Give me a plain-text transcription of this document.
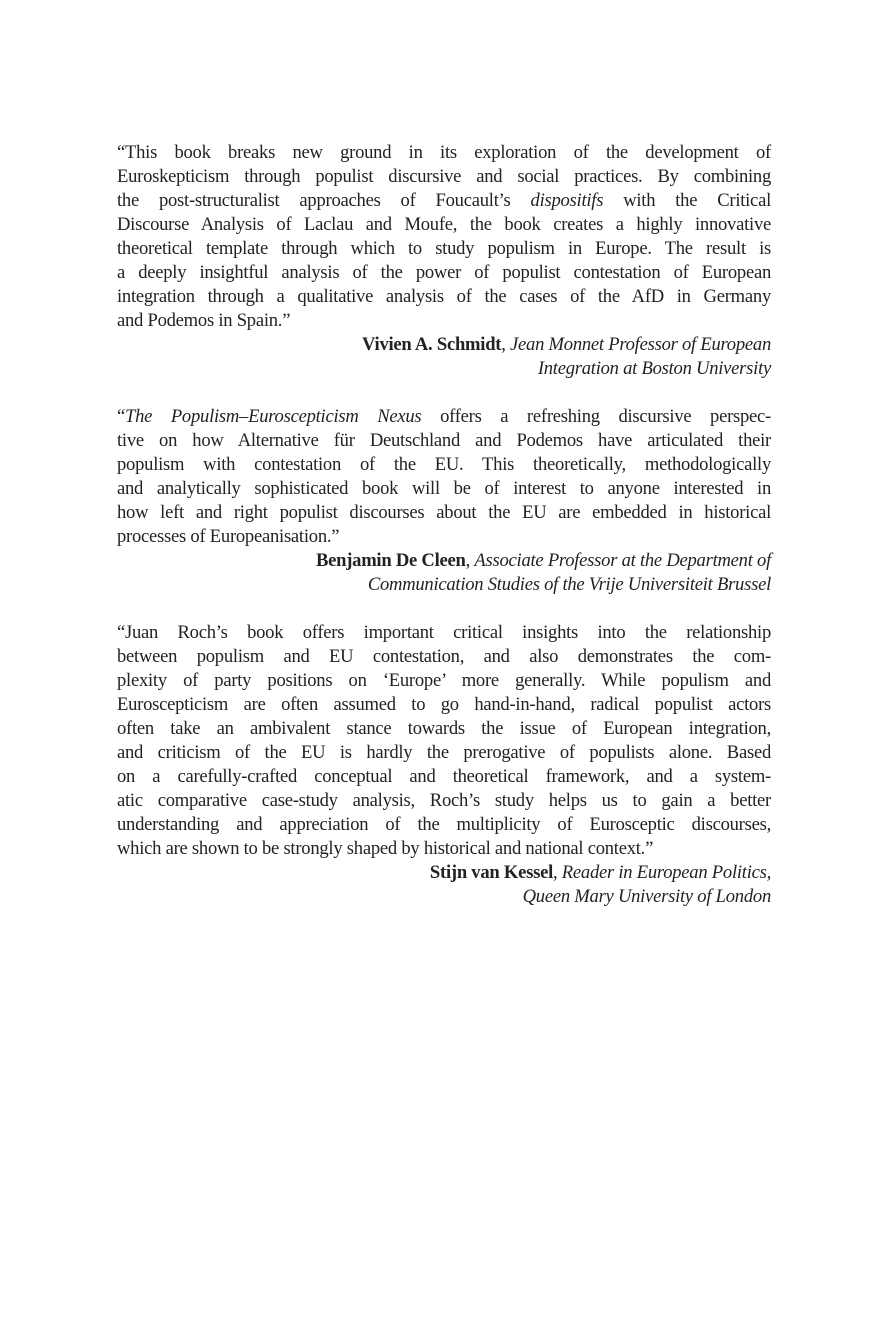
“This book breaks new ground in its exploration of the development of
Euroskepticism through populist discursive and social practices. By combining
the post-structuralist approaches of Foucault’s dispositifs with the Critical
Discourse Analysis of Laclau and Moufe, the book creates a highly innovative
theoretical template through which to study populism in Europe. The result is
a deeply insightful analysis of the power of populist contestation of European
integration through a qualitative analysis of the cases of the AfD in Germany
and Podemos in Spain.”
Vivien A. Schmidt, Jean Monnet Professor of European
Integration at Boston University
“The Populism–Euroscepticism Nexus offers a refreshing discursive perspec-
tive on how Alternative für Deutschland and Podemos have articulated their
populism with contestation of the EU. This theoretically, methodologically
and analytically sophisticated book will be of interest to anyone interested in
how left and right populist discourses about the EU are embedded in historical
processes of Europeanisation.”
Benjamin De Cleen, Associate Professor at the Department of
Communication Studies of the Vrije Universiteit Brussel
“Juan Roch’s book offers important critical insights into the relationship
between populism and EU contestation, and also demonstrates the com-
plexity of party positions on ‘Europe’ more generally. While populism and
Euroscepticism are often assumed to go hand-in-hand, radical populist actors
often take an ambivalent stance towards the issue of European integration,
and criticism of the EU is hardly the prerogative of populists alone. Based
on a carefully-crafted conceptual and theoretical framework, and a system-
atic comparative case-study analysis, Roch’s study helps us to gain a better
understanding and appreciation of the multiplicity of Eurosceptic discourses,
which are shown to be strongly shaped by historical and national context.”
Stijn van Kessel, Reader in European Politics,
Queen Mary University of London
